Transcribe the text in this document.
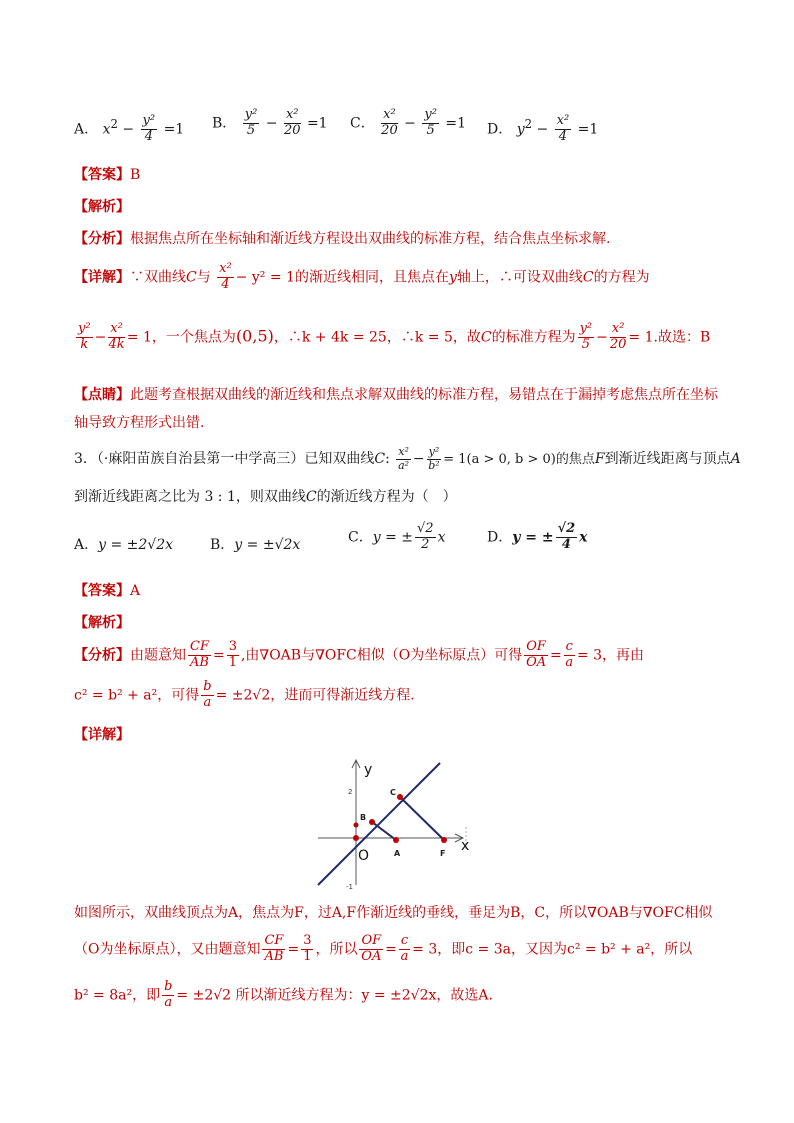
A． $x^2 - \frac{\text{y²}}{4} =1$ B． $\frac{\text{y²}}{5} - \frac{\text{x²}}{20} =1$ C． $\frac{\text{x²}}{20} - \frac{\text{y²}}{5} =1$ D． $y^2 - \frac{\text{x²}}{4} =1$
【答案】B
【解析】
【分析】根据焦点所在坐标轴和渐近线方程设出双曲线的标准方程，结合焦点坐标求解.
【详解】∵双曲线C与 $\frac{\text{x²}}{4} - y^2 = 1$的渐近线相同，且焦点在y轴上，∴可设双曲线C的方程为
$\frac{\text{y²}}{k} - \frac{\text{x²}}{4k} = 1$，一个焦点为(0,5)，∴k + 4k = 25，∴k = 5，故C的标准方程为 $\frac{\text{y²}}{5} - \frac{\text{x²}}{20} = 1$.故选：B
【点睛】此题考查根据双曲线的渐近线和焦点求解双曲线的标准方程，易错点在于漏掉考虑焦点所在坐标
轴导致方程形式出错.
3．（·麻阳苗族自治县第一中学高三）已知双曲线C: $\frac{\text{x²}}{\text{a²}} - \frac{\text{y²}}{\text{b²}} = 1(a > 0$, b > 0)的焦点F到渐近线距离与顶点A
到渐近线距离之比为 3 : 1，则双曲线C的渐近线方程为（　）
A．y = ±2√2x	B．y = ±√2x	C．y = ± $\frac{√2}{2}$ x	D．y = ± $\frac{√2}{4}$ x
【答案】A
【解析】
【分析】由题意知 $\frac{CF}{AB} = \frac{3}{1}$ ,由∇OAB与∇OFC相似（O为坐标原点）可得 $\frac{OF}{OA} = \frac{c}{a} = 3$，再由
c² = b² + a²，可得 $\frac{b}{a} = \pm 2√2$，进而可得渐近线方程.
【详解】
2
-1
y
x
O
B
C
A	F
如图所示，双曲线顶点为A，焦点为F，过A,F作渐近线的垂线，垂足为B，C，所以∇OAB与∇OFC相似
（O为坐标原点），又由题意知 $\frac{CF}{AB} = \frac{3}{1}$ ，所以 $\frac{OF}{OA} = \frac{c}{a} = 3$，即c = 3a，又因为c² = b² + a²，所以
b² = 8a²，即 $\frac{b}{a} = \pm 2√2$ 所以渐近线方程为：y = ±2√2x，故选A.
